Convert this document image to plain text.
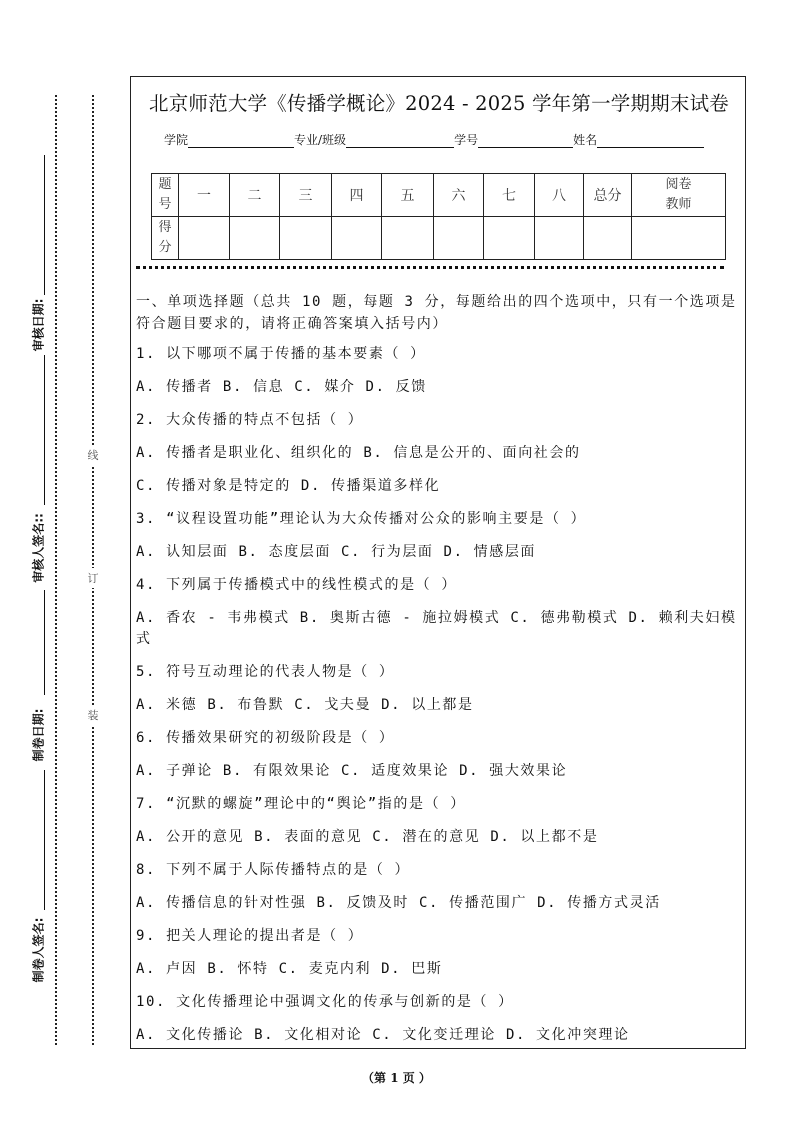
审核日期:
审核人签名::
制卷日期:
制卷人签名:
线
订
装
北京师范大学《传播学概论》2024 - 2025 学年第一学期期末试卷
学院	专业/班级	学号	姓名
题
号	一	二	三	四	五	六	七	八	总分	阅卷
教师
得
分										
一、单项选择题（总共 10 题，每题 3 分，每题给出的四个选项中，只有一个选项是符合题目要求的，请将正确答案填入括号内）
1. 以下哪项不属于传播的基本要素（ ）
A. 传播者 B. 信息 C. 媒介 D. 反馈
2. 大众传播的特点不包括（ ）
A. 传播者是职业化、组织化的 B. 信息是公开的、面向社会的
C. 传播对象是特定的 D. 传播渠道多样化
3. “议程设置功能”理论认为大众传播对公众的影响主要是（ ）
A. 认知层面 B. 态度层面 C. 行为层面 D. 情感层面
4. 下列属于传播模式中的线性模式的是（ ）
A. 香农 - 韦弗模式 B. 奥斯古德 - 施拉姆模式 C. 德弗勒模式 D. 赖利夫妇模式
5. 符号互动理论的代表人物是（ ）
A. 米德 B. 布鲁默 C. 戈夫曼 D. 以上都是
6. 传播效果研究的初级阶段是（ ）
A. 子弹论 B. 有限效果论 C. 适度效果论 D. 强大效果论
7. “沉默的螺旋”理论中的“舆论”指的是（ ）
A. 公开的意见 B. 表面的意见 C. 潜在的意见 D. 以上都不是
8. 下列不属于人际传播特点的是（ ）
A. 传播信息的针对性强 B. 反馈及时 C. 传播范围广 D. 传播方式灵活
9. 把关人理论的提出者是（ ）
A. 卢因 B. 怀特 C. 麦克内利 D. 巴斯
10. 文化传播理论中强调文化的传承与创新的是（ ）
A. 文化传播论 B. 文化相对论 C. 文化变迁理论 D. 文化冲突理论
（第 1 页 ）
